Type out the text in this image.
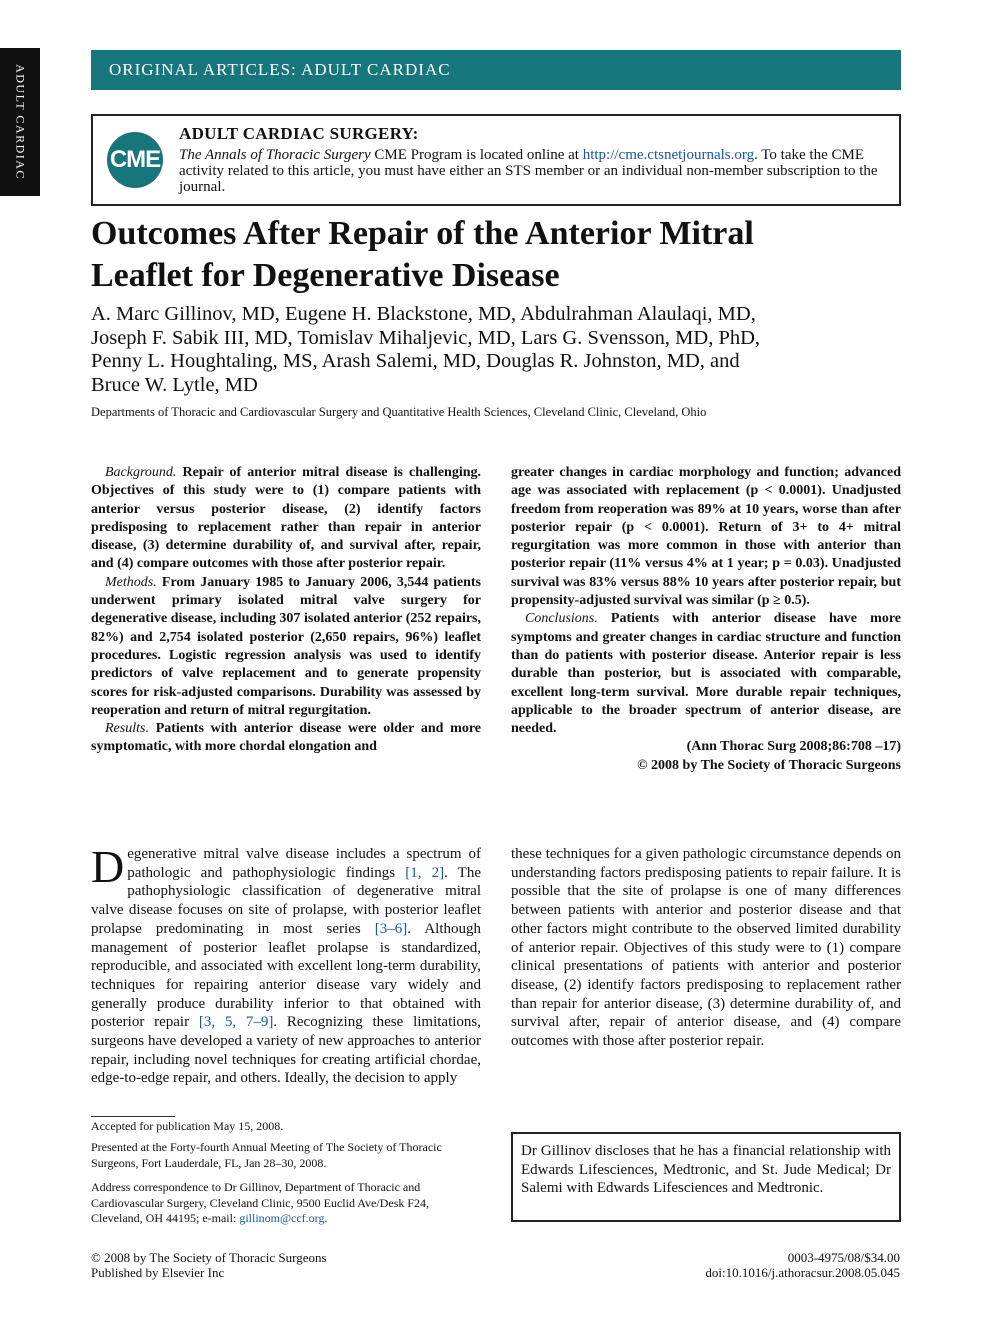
ADULT CARDIAC	ORIGINAL ARTICLES: ADULT CARDIAC
CME
ADULT CARDIAC SURGERY:
The Annals of Thoracic Surgery CME Program is located online at http://cme.ctsnetjournals.org. To take the CME activity related to this article, you must have either an STS member or an individual non-member subscription to the journal.
Outcomes After Repair of the Anterior Mitral
Leaflet for Degenerative Disease
A. Marc Gillinov, MD, Eugene H. Blackstone, MD, Abdulrahman Alaulaqi, MD,
Joseph F. Sabik III, MD, Tomislav Mihaljevic, MD, Lars G. Svensson, MD, PhD,
Penny L. Houghtaling, MS, Arash Salemi, MD, Douglas R. Johnston, MD, and
Bruce W. Lytle, MD
Departments of Thoracic and Cardiovascular Surgery and Quantitative Health Sciences, Cleveland Clinic, Cleveland, Ohio

Background. Repair of anterior mitral disease is challenging. Objectives of this study were to (1) compare patients with anterior versus posterior disease, (2) identify factors predisposing to replacement rather than repair in anterior disease, (3) determine durability of, and survival after, repair, and (4) compare outcomes with those after posterior repair.

Methods. From January 1985 to January 2006, 3,544 patients underwent primary isolated mitral valve surgery for degenerative disease, including 307 isolated anterior (252 repairs, 82%) and 2,754 isolated posterior (2,650 repairs, 96%) leaflet procedures. Logistic regression analysis was used to identify predictors of valve replacement and to generate propensity scores for risk-adjusted comparisons. Durability was assessed by reoperation and return of mitral regurgitation.

Results. Patients with anterior disease were older and more symptomatic, with more chordal elongation and

greater changes in cardiac morphology and function; advanced age was associated with replacement (p < 0.0001). Unadjusted freedom from reoperation was 89% at 10 years, worse than after posterior repair (p < 0.0001). Return of 3+ to 4+ mitral regurgitation was more common in those with anterior than posterior repair (11% versus 4% at 1 year; p = 0.03). Unadjusted survival was 83% versus 88% 10 years after posterior repair, but propensity-adjusted survival was similar (p ≥ 0.5).

Conclusions. Patients with anterior disease have more symptoms and greater changes in cardiac structure and function than do patients with posterior disease. Anterior repair is less durable than posterior, but is associated with comparable, excellent long-term survival. More durable repair techniques, applicable to the broader spectrum of anterior disease, are needed.

(Ann Thorac Surg 2008;86:708 –17)
© 2008 by The Society of Thoracic Surgeons

Degenerative mitral valve disease includes a spectrum of pathologic and pathophysiologic findings [1, 2]. The pathophysiologic classification of degenerative mitral valve disease focuses on site of prolapse, with posterior leaflet prolapse predominating in most series [3–6]. Although management of posterior leaflet prolapse is standardized, reproducible, and associated with excellent long-term durability, techniques for repairing anterior disease vary widely and generally produce durability inferior to that obtained with posterior repair [3, 5, 7–9]. Recognizing these limitations, surgeons have developed a variety of new approaches to anterior repair, including novel techniques for creating artificial chordae, edge-to-edge repair, and others. Ideally, the decision to apply

these techniques for a given pathologic circumstance depends on understanding factors predisposing patients to repair failure. It is possible that the site of prolapse is one of many differences between patients with anterior and posterior disease and that other factors might contribute to the observed limited durability of anterior repair. Objectives of this study were to (1) compare clinical presentations of patients with anterior and posterior disease, (2) identify factors predisposing to replacement rather than repair for anterior disease, (3) determine durability of, and survival after, repair of anterior disease, and (4) compare outcomes with those after posterior repair.

Accepted for publication May 15, 2008.
Presented at the Forty-fourth Annual Meeting of The Society of Thoracic Surgeons, Fort Lauderdale, FL, Jan 28–30, 2008.
Address correspondence to Dr Gillinov, Department of Thoracic and Cardiovascular Surgery, Cleveland Clinic, 9500 Euclid Ave/Desk F24, Cleveland, OH 44195; e-mail: gillinom@ccf.org.

Dr Gillinov discloses that he has a financial relationship with Edwards Lifesciences, Medtronic, and St. Jude Medical; Dr Salemi with Edwards Lifesciences and Medtronic.

© 2008 by The Society of Thoracic Surgeons
Published by Elsevier Inc
0003-4975/08/$34.00
doi:10.1016/j.athoracsur.2008.05.045
